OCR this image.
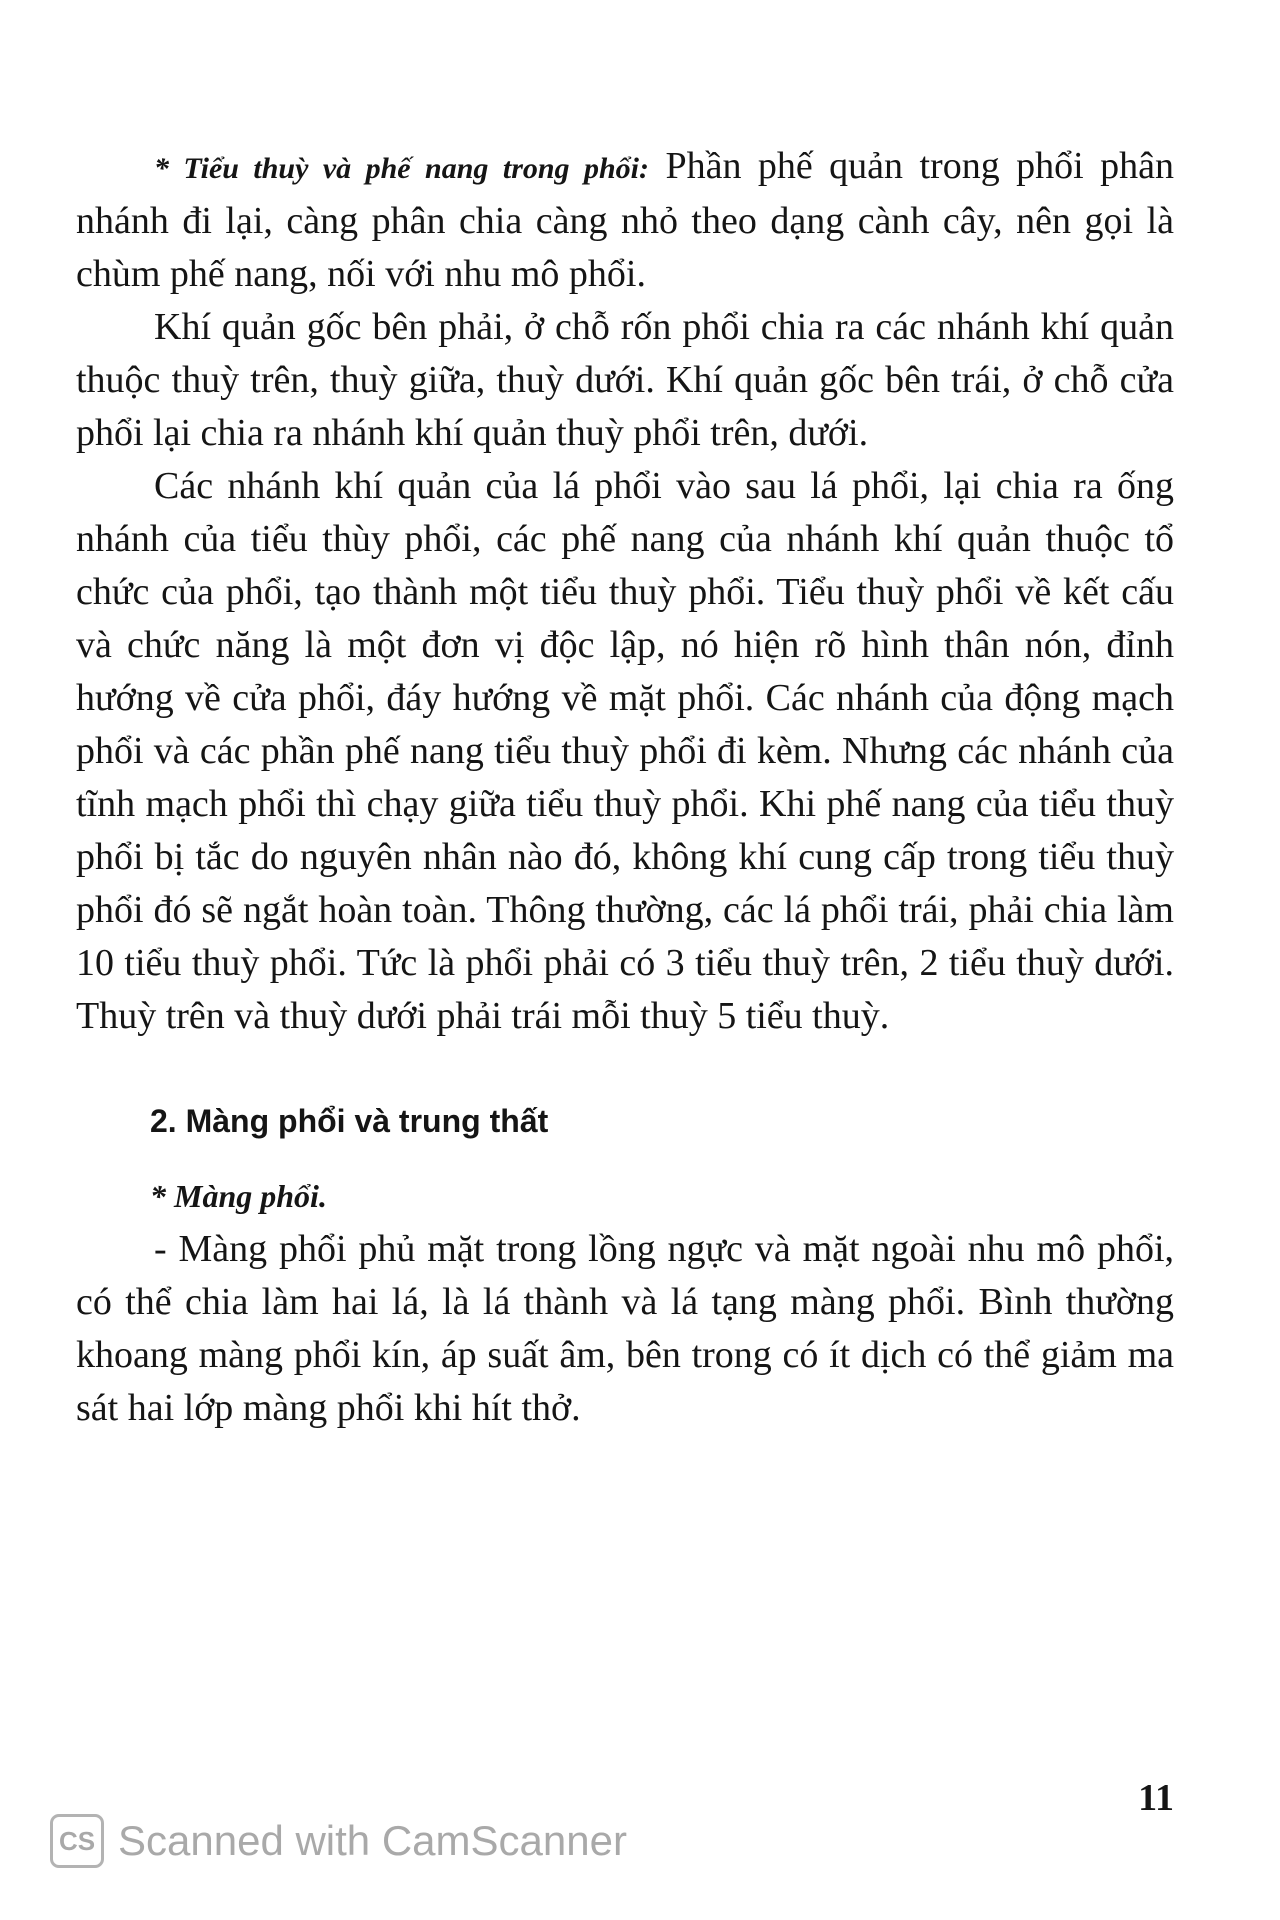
* Tiểu thuỳ và phế nang trong phổi: Phần phế quản trong phổi phân nhánh đi lại, càng phân chia càng nhỏ theo dạng cành cây, nên gọi là chùm phế nang, nối với nhu mô phổi.

Khí quản gốc bên phải, ở chỗ rốn phổi chia ra các nhánh khí quản thuộc thuỳ trên, thuỳ giữa, thuỳ dưới. Khí quản gốc bên trái, ở chỗ cửa phổi lại chia ra nhánh khí quản thuỳ phổi trên, dưới.

Các nhánh khí quản của lá phổi vào sau lá phổi, lại chia ra ống nhánh của tiểu thùy phổi, các phế nang của nhánh khí quản thuộc tổ chức của phổi, tạo thành một tiểu thuỳ phổi. Tiểu thuỳ phổi về kết cấu và chức năng là một đơn vị độc lập, nó hiện rõ hình thân nón, đỉnh hướng về cửa phổi, đáy hướng về mặt phổi. Các nhánh của động mạch phổi và các phần phế nang tiểu thuỳ phổi đi kèm. Nhưng các nhánh của tĩnh mạch phổi thì chạy giữa tiểu thuỳ phổi. Khi phế nang của tiểu thuỳ phổi bị tắc do nguyên nhân nào đó, không khí cung cấp trong tiểu thuỳ phổi đó sẽ ngắt hoàn toàn. Thông thường, các lá phổi trái, phải chia làm 10 tiểu thuỳ phổi. Tức là phổi phải có 3 tiểu thuỳ trên, 2 tiểu thuỳ dưới. Thuỳ trên và thuỳ dưới phải trái mỗi thuỳ 5 tiểu thuỳ.

2. Màng phổi và trung thất
* Màng phổi.

- Màng phổi phủ mặt trong lồng ngực và mặt ngoài nhu mô phổi, có thể chia làm hai lá, là lá thành và lá tạng màng phổi. Bình thường khoang màng phổi kín, áp suất âm, bên trong có ít dịch có thể giảm ma sát hai lớp màng phổi khi hít thở.

11
CS Scanned with CamScanner
